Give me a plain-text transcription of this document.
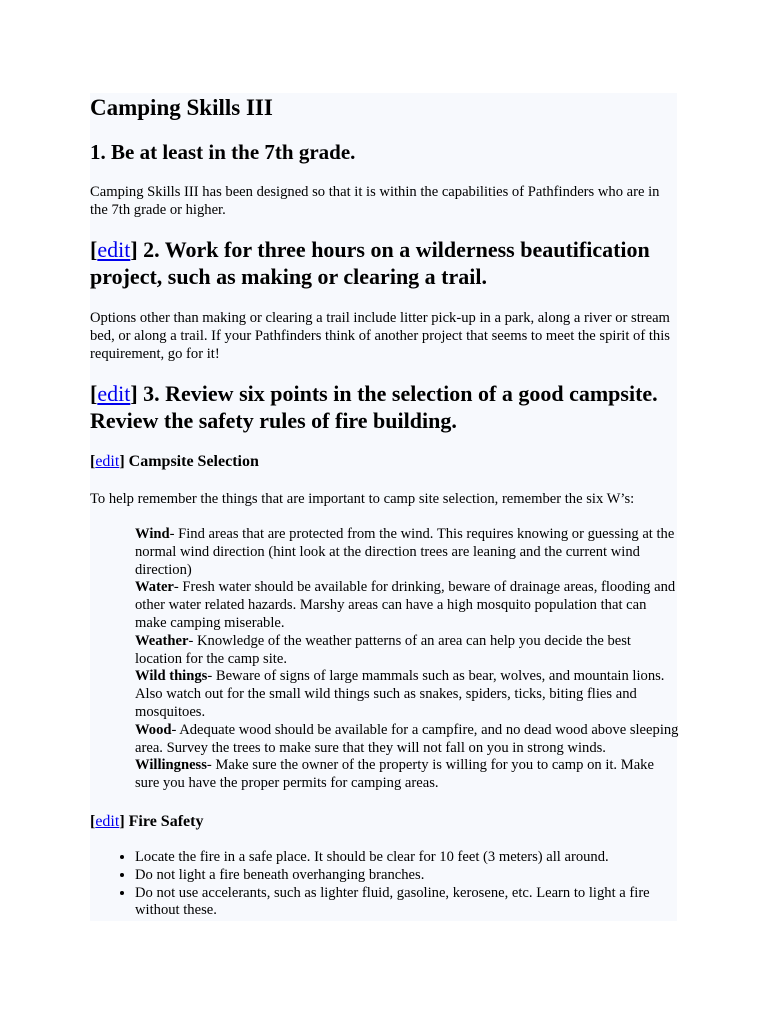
Camping Skills III
1. Be at least in the 7th grade.

Camping Skills III has been designed so that it is within the capabilities of Pathfinders who are in the 7th grade or higher.

[edit] 2. Work for three hours on a wilderness beautification project, such as making or clearing a trail.

Options other than making or clearing a trail include litter pick-up in a park, along a river or stream bed, or along a trail. If your Pathfinders think of another project that seems to meet the spirit of this requirement, go for it!

[edit] 3. Review six points in the selection of a good campsite. Review the safety rules of fire building.
[edit] Campsite Selection

To help remember the things that are important to camp site selection, remember the six W’s:

Wind- Find areas that are protected from the wind. This requires knowing or guessing at the normal wind direction (hint look at the direction trees are leaning and the current wind direction)
Water- Fresh water should be available for drinking, beware of drainage areas, flooding and other water related hazards. Marshy areas can have a high mosquito population that can make camping miserable.
Weather- Knowledge of the weather patterns of an area can help you decide the best location for the camp site.
Wild things- Beware of signs of large mammals such as bear, wolves, and mountain lions. Also watch out for the small wild things such as snakes, spiders, ticks, biting flies and mosquitoes.
Wood- Adequate wood should be available for a campfire, and no dead wood above sleeping area. Survey the trees to make sure that they will not fall on you in strong winds.
Willingness- Make sure the owner of the property is willing for you to camp on it. Make sure you have the proper permits for camping areas.
[edit] Fire Safety
• Locate the fire in a safe place. It should be clear for 10 feet (3 meters) all around.
• Do not light a fire beneath overhanging branches.
• Do not use accelerants, such as lighter fluid, gasoline, kerosene, etc. Learn to light a fire without these.
